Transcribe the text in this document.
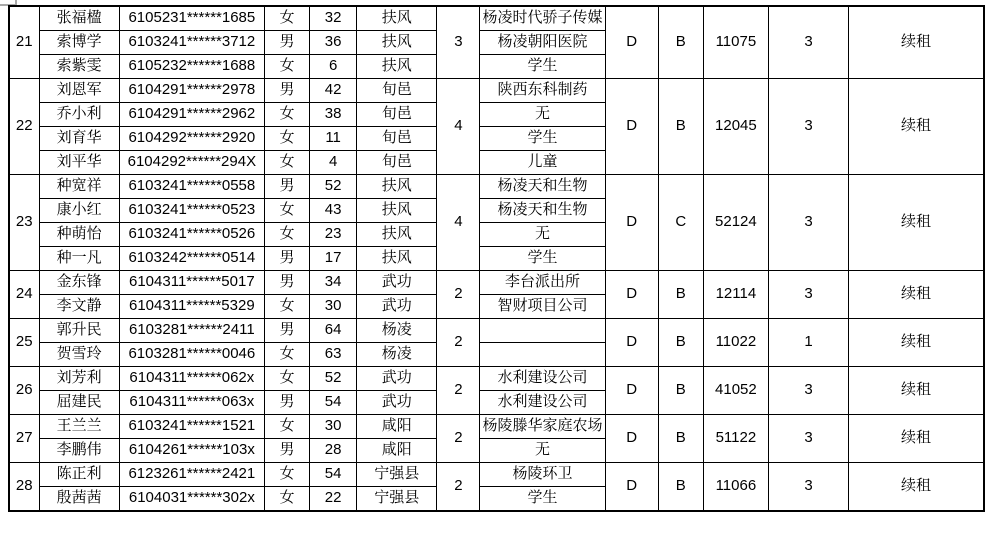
21	张福楹	6105231******1685	女	32	扶风	3	杨凌时代骄子传媒	D	B	11075	3	续租
	索博学	6103241******3712	男	36	扶风		杨凌朝阳医院					
	索紫雯	6105232******1688	女	6	扶风		学生					
22	刘恩军	6104291******2978	男	42	旬邑	4	陕西东科制药	D	B	12045	3	续租
	乔小利	6104291******2962	女	38	旬邑		无					
	刘育华	6104292******2920	女	11	旬邑		学生					
	刘平华	6104292******294X	女	4	旬邑		儿童					
23	种宽祥	6103241******0558	男	52	扶风	4	杨凌天和生物	D	C	52124	3	续租
	康小红	6103241******0523	女	43	扶风		杨凌天和生物					
	种萌怡	6103241******0526	女	23	扶风		无					
	种一凡	6103242******0514	男	17	扶风		学生					
24	金东锋	6104311******5017	男	34	武功	2	李台派出所	D	B	12114	3	续租
	李文静	6104311******5329	女	30	武功		智财项目公司					
25	郭升民	6103281******2411	男	64	杨凌	2		D	B	11022	1	续租
	贺雪玲	6103281******0046	女	63	杨凌							
26	刘芳利	6104311******062x	女	52	武功	2	水利建设公司	D	B	41052	3	续租
	屈建民	6104311******063x	男	54	武功		水利建设公司					
27	王兰兰	6103241******1521	女	30	咸阳	2	杨陵滕华家庭农场	D	B	51122	3	续租
	李鹏伟	6104261******103x	男	28	咸阳		无					
28	陈正利	6123261******2421	女	54	宁强县	2	杨陵环卫	D	B	11066	3	续租
	殷茜茜	6104031******302x	女	22	宁强县		学生					
